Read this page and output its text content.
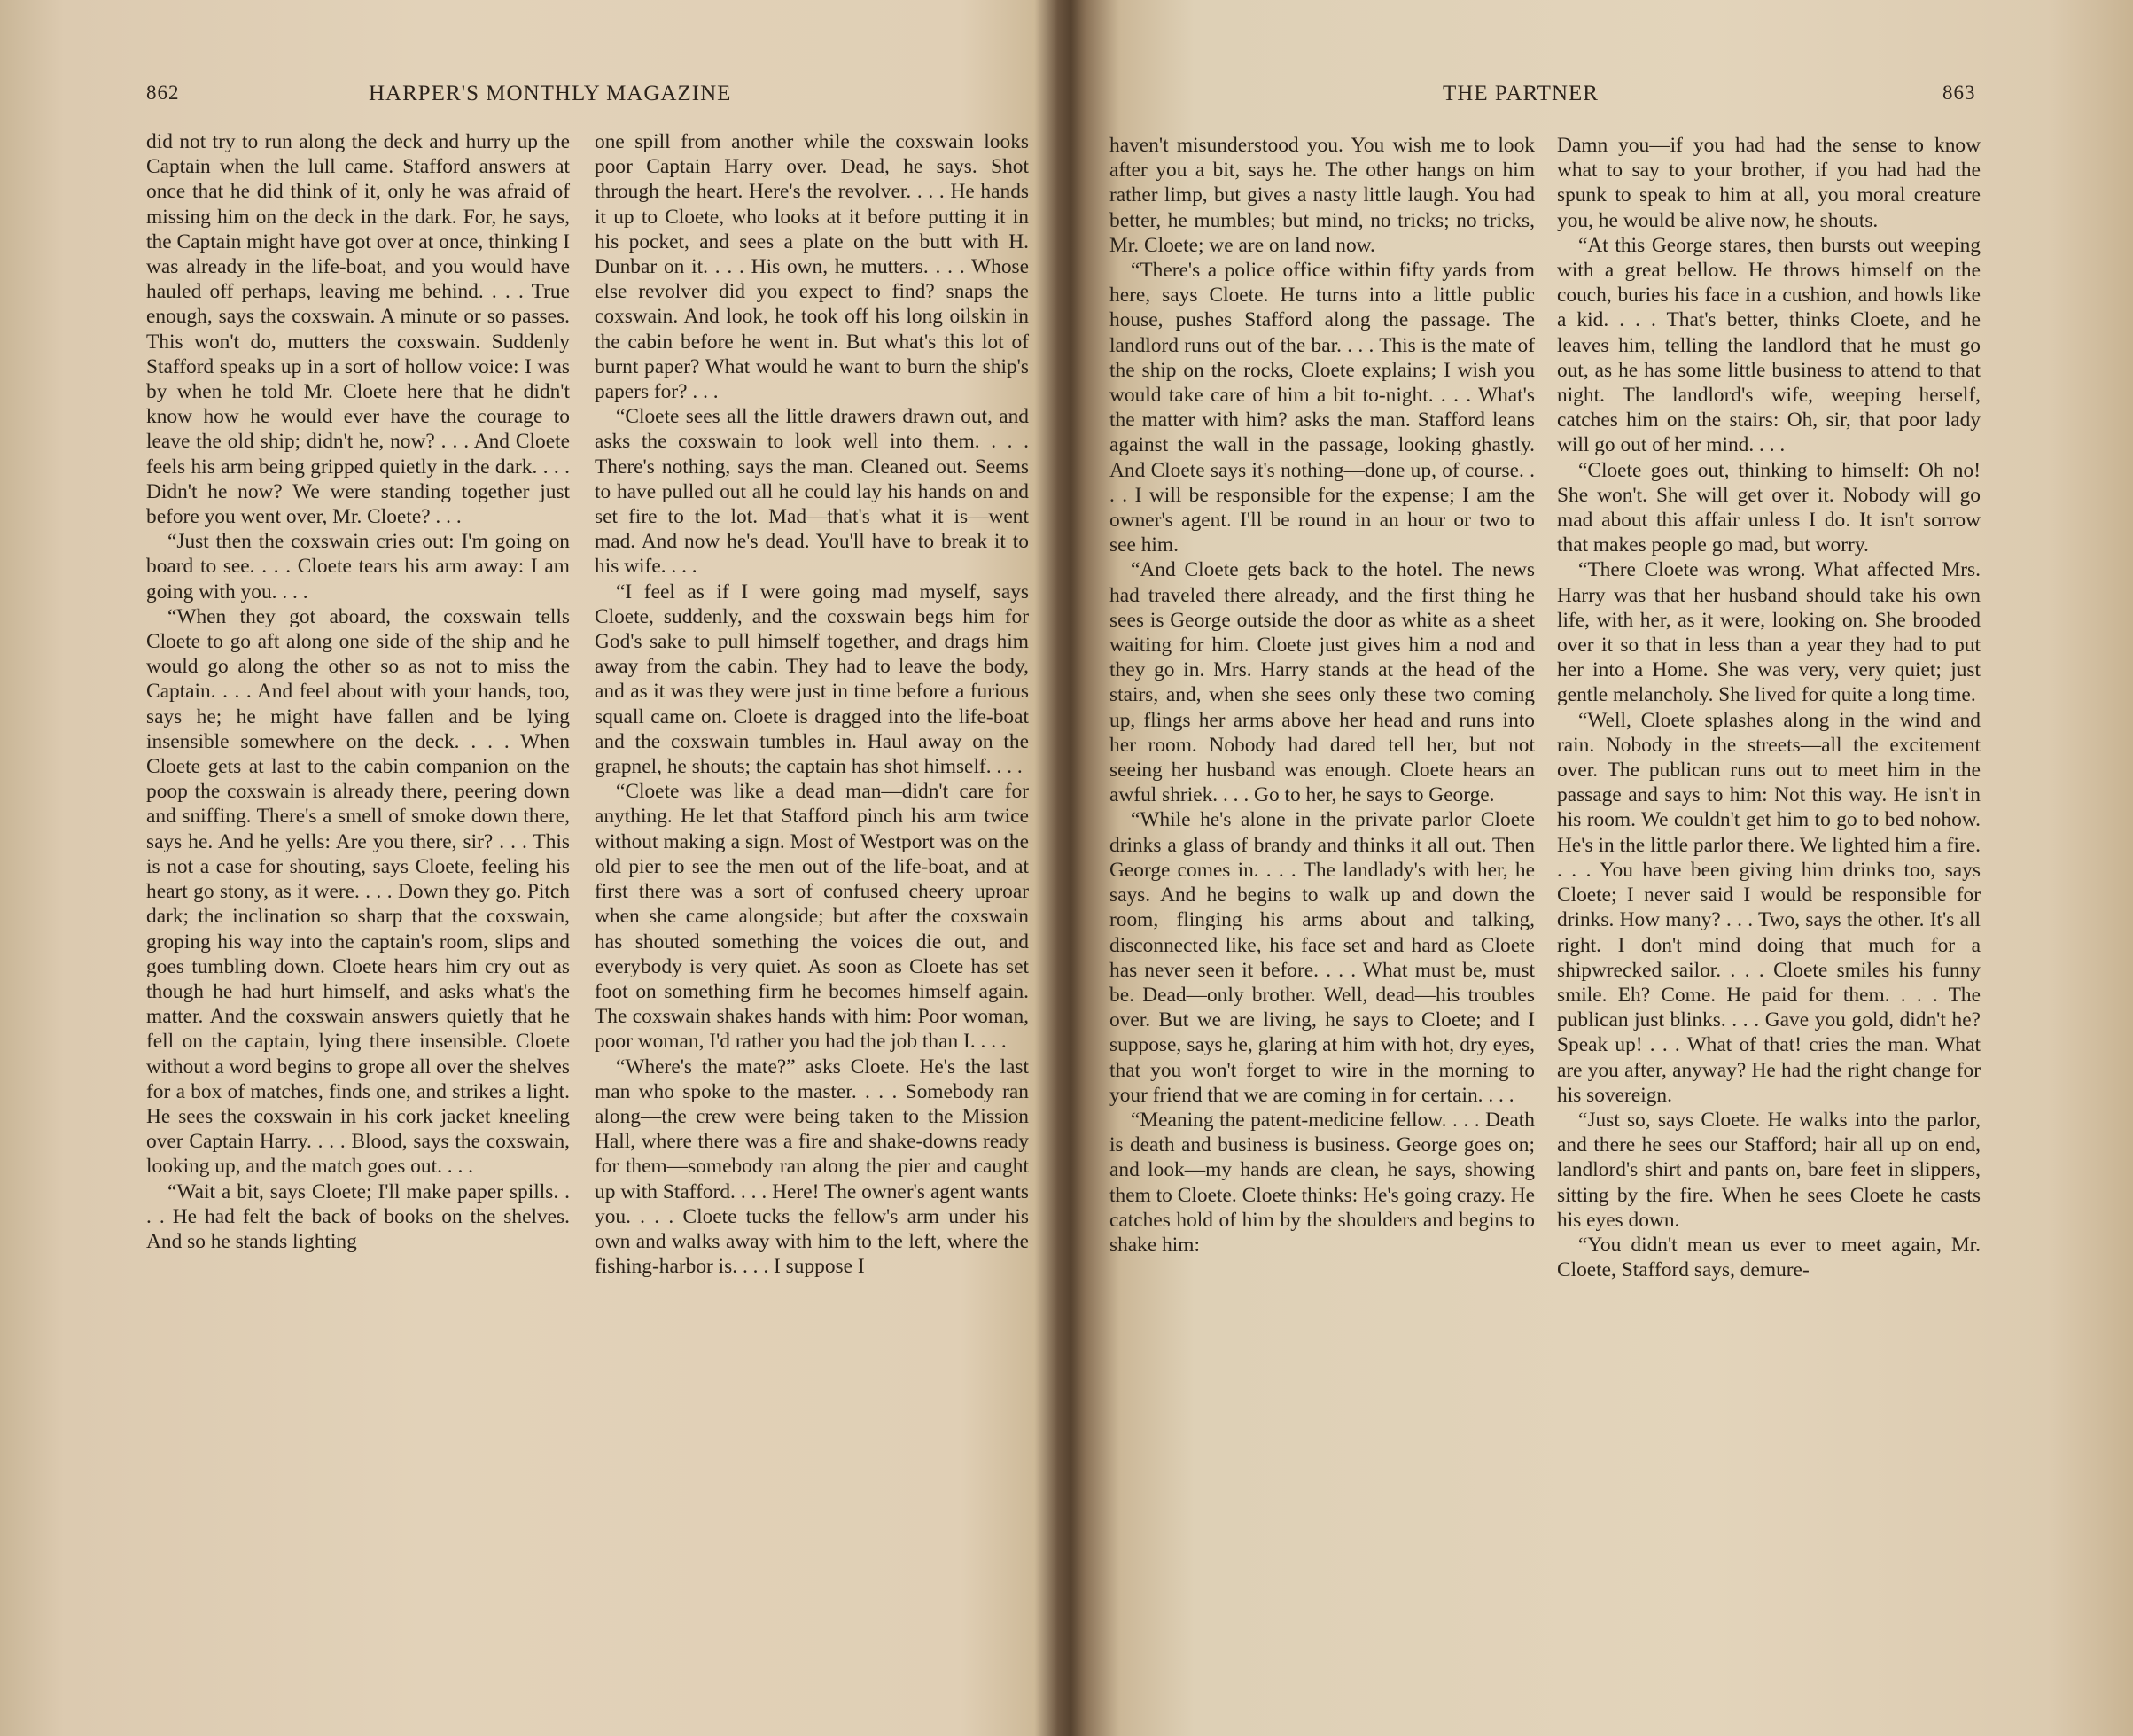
862	HARPER'S MONTHLY MAGAZINE

did not try to run along the deck and hurry up the Captain when the lull came. Stafford answers at once that he did think of it, only he was afraid of missing him on the deck in the dark. For, he says, the Captain might have got over at once, thinking I was already in the life-boat, and you would have hauled off perhaps, leaving me behind. . . . True enough, says the coxswain. A minute or so passes. This won't do, mutters the coxswain. Suddenly Stafford speaks up in a sort of hollow voice: I was by when he told Mr. Cloete here that he didn't know how he would ever have the courage to leave the old ship; didn't he, now? . . . And Cloete feels his arm being gripped quietly in the dark. . . . Didn't he now? We were standing together just before you went over, Mr. Cloete? . . .

“Just then the coxswain cries out: I'm going on board to see. . . . Cloete tears his arm away: I am going with you. . . .

“When they got aboard, the coxswain tells Cloete to go aft along one side of the ship and he would go along the other so as not to miss the Captain. . . . And feel about with your hands, too, says he; he might have fallen and be lying insensible somewhere on the deck. . . . When Cloete gets at last to the cabin companion on the poop the coxswain is already there, peering down and sniffing. There's a smell of smoke down there, says he. And he yells: Are you there, sir? . . . This is not a case for shouting, says Cloete, feeling his heart go stony, as it were. . . . Down they go. Pitch dark; the inclination so sharp that the coxswain, groping his way into the captain's room, slips and goes tumbling down. Cloete hears him cry out as though he had hurt himself, and asks what's the matter. And the coxswain answers quietly that he fell on the captain, lying there insensible. Cloete without a word begins to grope all over the shelves for a box of matches, finds one, and strikes a light. He sees the coxswain in his cork jacket kneeling over Captain Harry. . . . Blood, says the coxswain, looking up, and the match goes out. . . .

“Wait a bit, says Cloete; I'll make paper spills. . . . He had felt the back of books on the shelves. And so he stands lighting

one spill from another while the coxswain looks poor Captain Harry over. Dead, he says. Shot through the heart. Here's the revolver. . . . He hands it up to Cloete, who looks at it before putting it in his pocket, and sees a plate on the butt with H. Dunbar on it. . . . His own, he mutters. . . . Whose else revolver did you expect to find? snaps the coxswain. And look, he took off his long oilskin in the cabin before he went in. But what's this lot of burnt paper? What would he want to burn the ship's papers for? . . .

“Cloete sees all the little drawers drawn out, and asks the coxswain to look well into them. . . . There's nothing, says the man. Cleaned out. Seems to have pulled out all he could lay his hands on and set fire to the lot. Mad—that's what it is—went mad. And now he's dead. You'll have to break it to his wife. . . .

“I feel as if I were going mad myself, says Cloete, suddenly, and the coxswain begs him for God's sake to pull himself together, and drags him away from the cabin. They had to leave the body, and as it was they were just in time before a furious squall came on. Cloete is dragged into the life-boat and the coxswain tumbles in. Haul away on the grapnel, he shouts; the captain has shot himself. . . .

“Cloete was like a dead man—didn't care for anything. He let that Stafford pinch his arm twice without making a sign. Most of Westport was on the old pier to see the men out of the life-boat, and at first there was a sort of confused cheery uproar when she came alongside; but after the coxswain has shouted something the voices die out, and everybody is very quiet. As soon as Cloete has set foot on something firm he becomes himself again. The coxswain shakes hands with him: Poor woman, poor woman, I'd rather you had the job than I. . . .

“Where's the mate?” asks Cloete. He's the last man who spoke to the master. . . . Somebody ran along—the crew were being taken to the Mission Hall, where there was a fire and shake-downs ready for them—somebody ran along the pier and caught up with Stafford. . . . Here! The owner's agent wants you. . . . Cloete tucks the fellow's arm under his own and walks away with him to the left, where the fishing-harbor is. . . . I suppose I

THE PARTNER	863

haven't misunderstood you. You wish me to look after you a bit, says he. The other hangs on him rather limp, but gives a nasty little laugh. You had better, he mumbles; but mind, no tricks; no tricks, Mr. Cloete; we are on land now.

“There's a police office within fifty yards from here, says Cloete. He turns into a little public house, pushes Stafford along the passage. The landlord runs out of the bar. . . . This is the mate of the ship on the rocks, Cloete explains; I wish you would take care of him a bit to-night. . . . What's the matter with him? asks the man. Stafford leans against the wall in the passage, looking ghastly. And Cloete says it's nothing—done up, of course. . . . I will be responsible for the expense; I am the owner's agent. I'll be round in an hour or two to see him.

“And Cloete gets back to the hotel. The news had traveled there already, and the first thing he sees is George outside the door as white as a sheet waiting for him. Cloete just gives him a nod and they go in. Mrs. Harry stands at the head of the stairs, and, when she sees only these two coming up, flings her arms above her head and runs into her room. Nobody had dared tell her, but not seeing her husband was enough. Cloete hears an awful shriek. . . . Go to her, he says to George.

“While he's alone in the private parlor Cloete drinks a glass of brandy and thinks it all out. Then George comes in. . . . The landlady's with her, he says. And he begins to walk up and down the room, flinging his arms about and talking, disconnected like, his face set and hard as Cloete has never seen it before. . . . What must be, must be. Dead—only brother. Well, dead—his troubles over. But we are living, he says to Cloete; and I suppose, says he, glaring at him with hot, dry eyes, that you won't forget to wire in the morning to your friend that we are coming in for certain. . . .

“Meaning the patent-medicine fellow. . . . Death is death and business is business. George goes on; and look—my hands are clean, he says, showing them to Cloete. Cloete thinks: He's going crazy. He catches hold of him by the shoulders and begins to shake him:

Damn you—if you had had the sense to know what to say to your brother, if you had had the spunk to speak to him at all, you moral creature you, he would be alive now, he shouts.

“At this George stares, then bursts out weeping with a great bellow. He throws himself on the couch, buries his face in a cushion, and howls like a kid. . . . That's better, thinks Cloete, and he leaves him, telling the landlord that he must go out, as he has some little business to attend to that night. The landlord's wife, weeping herself, catches him on the stairs: Oh, sir, that poor lady will go out of her mind. . . .

“Cloete goes out, thinking to himself: Oh no! She won't. She will get over it. Nobody will go mad about this affair unless I do. It isn't sorrow that makes people go mad, but worry.

“There Cloete was wrong. What affected Mrs. Harry was that her husband should take his own life, with her, as it were, looking on. She brooded over it so that in less than a year they had to put her into a Home. She was very, very quiet; just gentle melancholy. She lived for quite a long time.

“Well, Cloete splashes along in the wind and rain. Nobody in the streets—all the excitement over. The publican runs out to meet him in the passage and says to him: Not this way. He isn't in his room. We couldn't get him to go to bed nohow. He's in the little parlor there. We lighted him a fire. . . . You have been giving him drinks too, says Cloete; I never said I would be responsible for drinks. How many? . . . Two, says the other. It's all right. I don't mind doing that much for a shipwrecked sailor. . . . Cloete smiles his funny smile. Eh? Come. He paid for them. . . . The publican just blinks. . . . Gave you gold, didn't he? Speak up! . . . What of that! cries the man. What are you after, anyway? He had the right change for his sovereign.

“Just so, says Cloete. He walks into the parlor, and there he sees our Stafford; hair all up on end, landlord's shirt and pants on, bare feet in slippers, sitting by the fire. When he sees Cloete he casts his eyes down.

“You didn't mean us ever to meet again, Mr. Cloete, Stafford says, demure-
